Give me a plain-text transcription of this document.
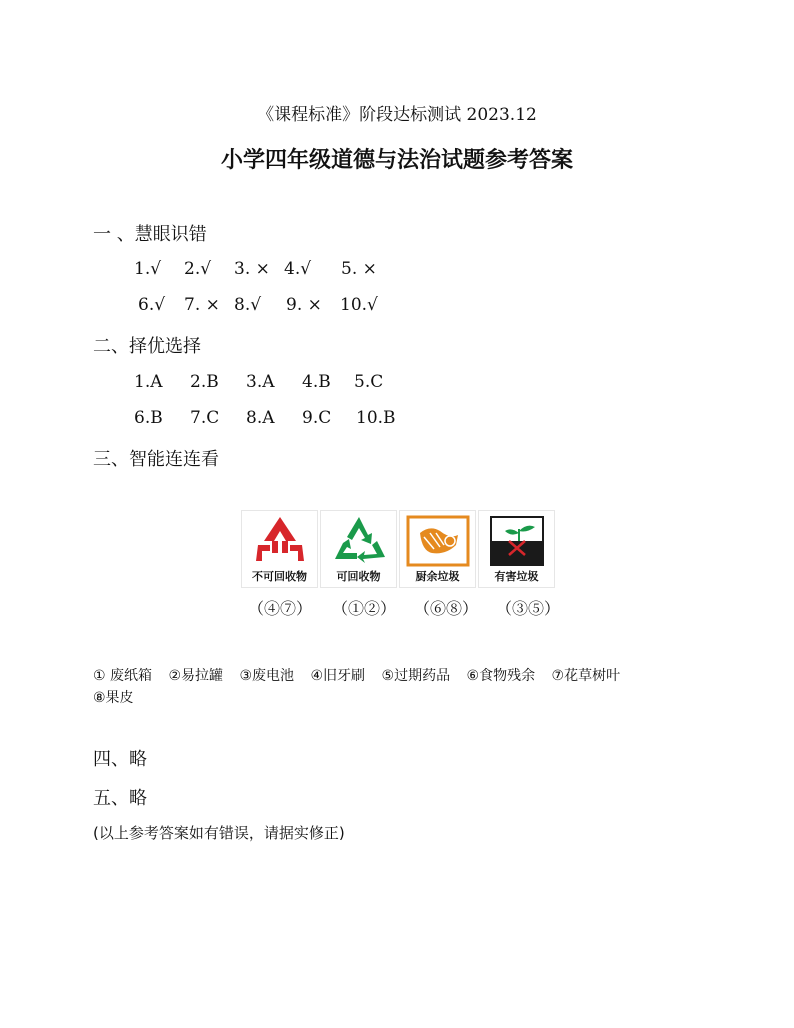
《课程标准》阶段达标测试 2023.12
小学四年级道德与法治试题参考答案
一 、慧眼识错
1.√	2.√	3. × 4.√	5. ×
6.√	7. × 8.√	9. ×	10.√
二、择优选择
1.A	2.B	3.A	4.B	5.C
6.B	7.C	8.A	9.C	10.B
三、智能连连看
不可回收物	可回收物	厨余垃圾	有害垃圾
（④⑦）	（①②）	（⑥⑧）	（③⑤）
① 废纸箱 ②易拉罐 ③废电池 ④旧牙刷 ⑤过期药品 ⑥食物残余 ⑦花草树叶
⑧果皮
四、略
五、略
(以上参考答案如有错误，请据实修正)
